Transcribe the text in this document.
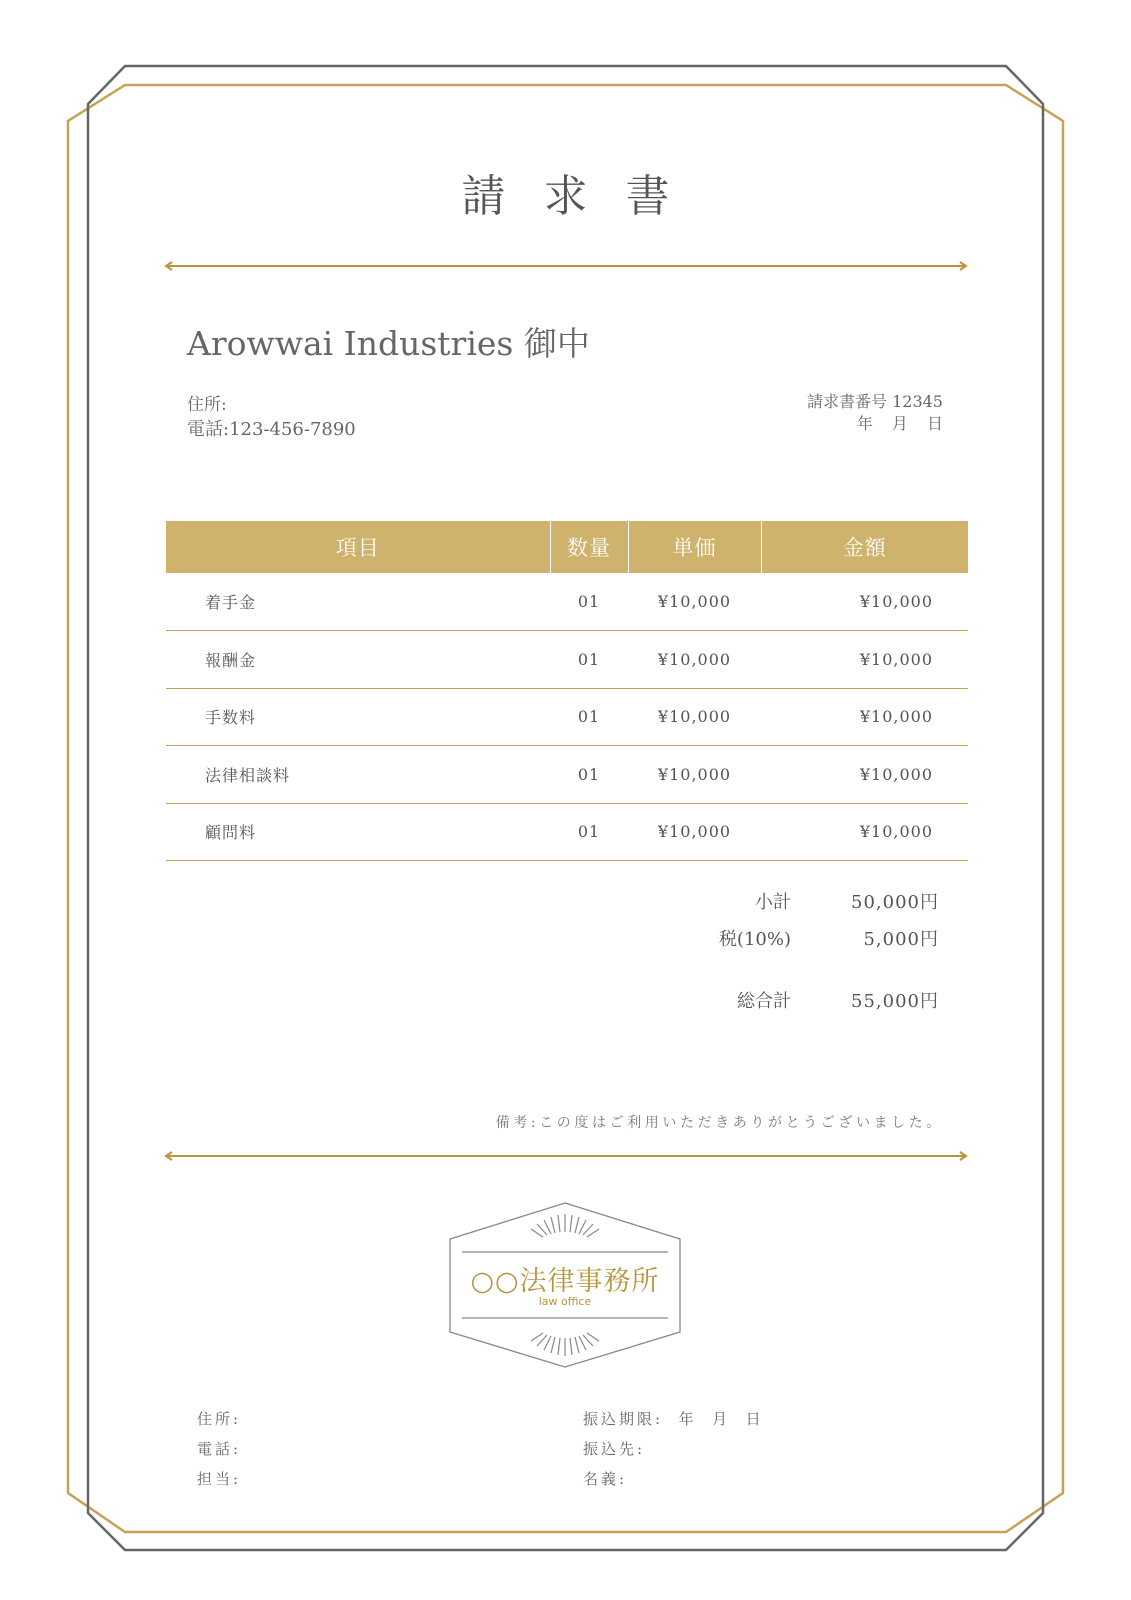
請求書
Arowwai Industries 御中
住所:
電話:123-456-7890
請求書番号 12345
年 月 日
項目	数量	単価	金額
着手金	01	¥10,000	¥10,000
報酬金	01	¥10,000	¥10,000
手数料	01	¥10,000	¥10,000
法律相談料	01	¥10,000	¥10,000
顧問料	01	¥10,000	¥10,000
小計	50,000円
税(10%)	5,000円
総合計	55,000円
備考:この度はご利用いただきありがとうございました。
○○法律事務所
law office
住所:
電話:
担当:
振込期限:  年  月  日
振込先:
名義:
